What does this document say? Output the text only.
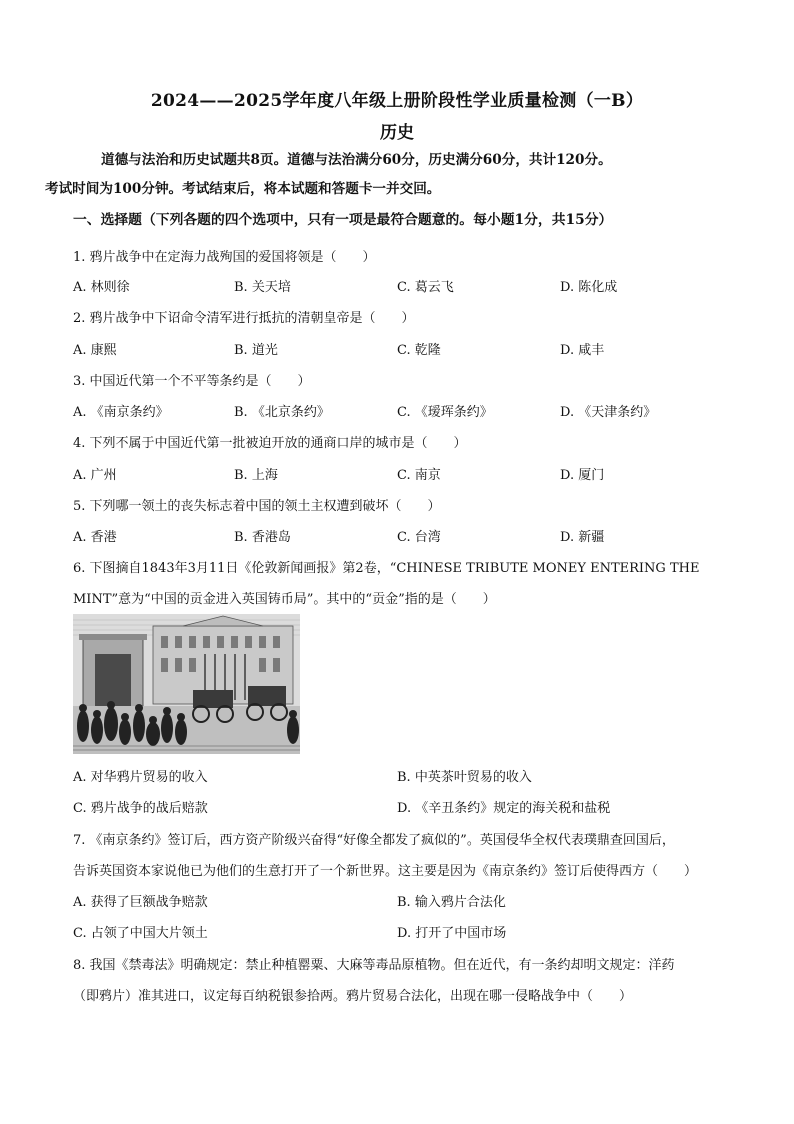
2024——2025学年度八年级上册阶段性学业质量检测（一B）
历史
道德与法治和历史试题共8页。道德与法治满分60分，历史满分60分，共计120分。
考试时间为100分钟。考试结束后，将本试题和答题卡一并交回。
一、选择题（下列各题的四个选项中，只有一项是最符合题意的。每小题1分，共15分）
1. 鸦片战争中在定海力战殉国的爱国将领是（　　）
A. 林则徐	B. 关天培	C. 葛云飞	D. 陈化成
2. 鸦片战争中下诏命令清军进行抵抗的清朝皇帝是（　　）
A. 康熙	B. 道光	C. 乾隆	D. 咸丰
3. 中国近代第一个不平等条约是（　　）
A. 《南京条约》	B. 《北京条约》	C. 《瑷珲条约》	D. 《天津条约》
4. 下列不属于中国近代第一批被迫开放的通商口岸的城市是（　　）
A. 广州	B. 上海	C. 南京	D. 厦门
5. 下列哪一领土的丧失标志着中国的领土主权遭到破坏（　　）
A. 香港	B. 香港岛	C. 台湾	D. 新疆
6. 下图摘自1843年3月11日《伦敦新闻画报》第2卷，“CHINESE TRIBUTE MONEY ENTERING THE
MINT”意为“中国的贡金进入英国铸币局”。其中的“贡金”指的是（　　）
A. 对华鸦片贸易的收入	B. 中英茶叶贸易的收入
C. 鸦片战争的战后赔款	D. 《辛丑条约》规定的海关税和盐税
7. 《南京条约》签订后，西方资产阶级兴奋得“好像全都发了疯似的”。英国侵华全权代表璞鼎查回国后，
告诉英国资本家说他已为他们的生意打开了一个新世界。这主要是因为《南京条约》签订后使得西方（　　）
A. 获得了巨额战争赔款	B. 输入鸦片合法化
C. 占领了中国大片领土	D. 打开了中国市场
8. 我国《禁毒法》明确规定：禁止种植罂粟、大麻等毒品原植物。但在近代，有一条约却明文规定：洋药
（即鸦片）准其进口，议定每百纳税银参拾两。鸦片贸易合法化，出现在哪一侵略战争中（　　）
